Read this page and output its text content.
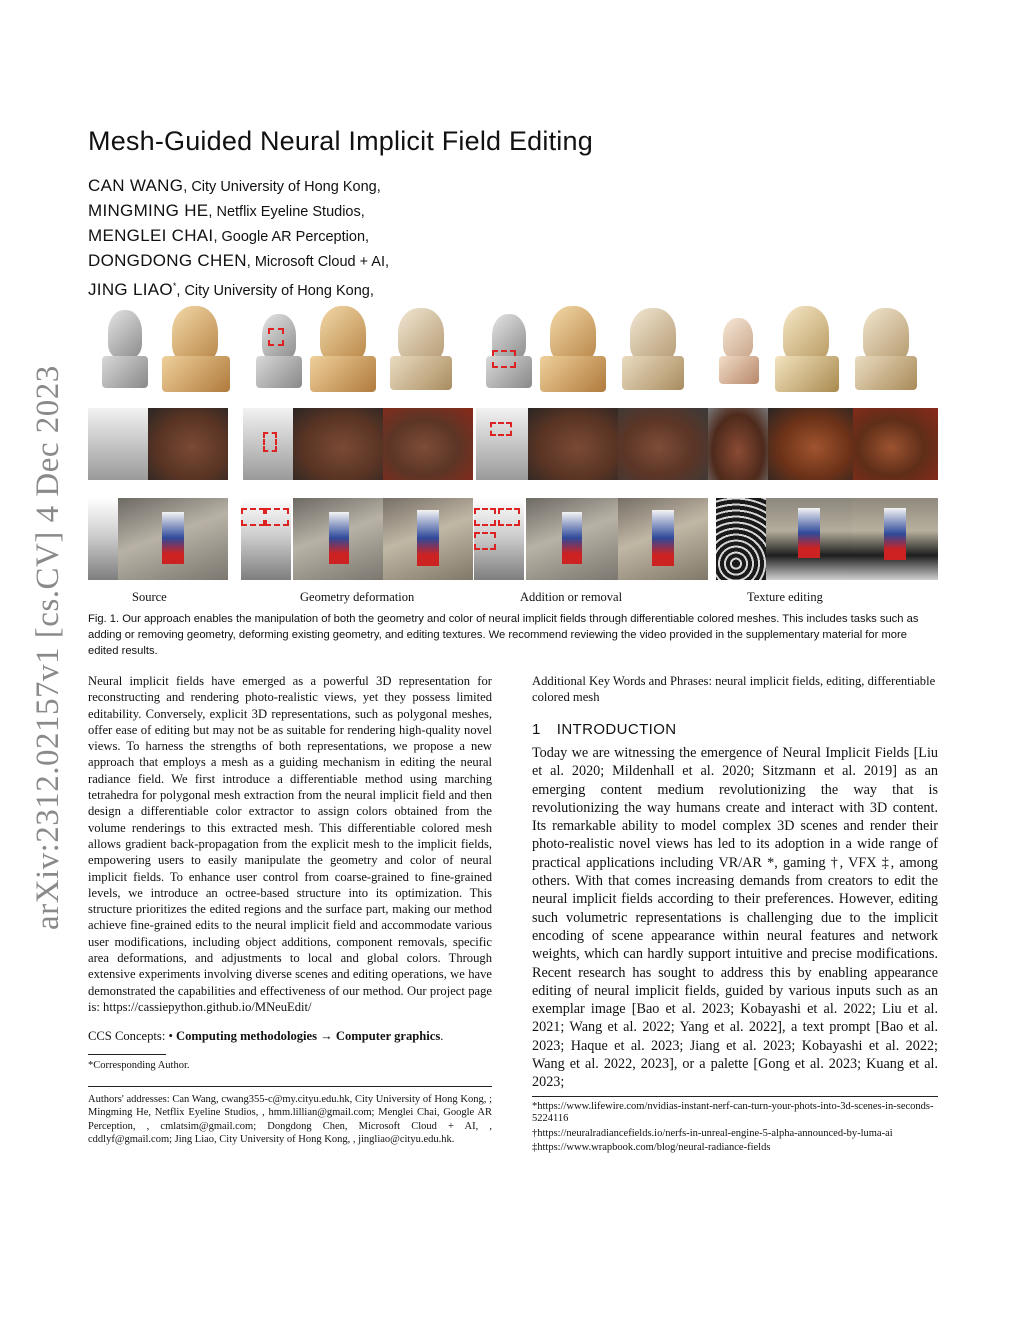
arXiv:2312.02157v1 [cs.CV] 4 Dec 2023
Mesh-Guided Neural Implicit Field Editing
CAN WANG, City University of Hong Kong,
MINGMING HE, Netflix Eyeline Studios,
MENGLEI CHAI, Google AR Perception,
DONGDONG CHEN, Microsoft Cloud + AI,
JING LIAO*, City University of Hong Kong,
Source	Geometry deformation	Addition or removal	Texture editing

Fig. 1. Our approach enables the manipulation of both the geometry and color of neural implicit fields through differentiable colored meshes. This includes tasks such as adding or removing geometry, deforming existing geometry, and editing textures. We recommend reviewing the video provided in the supplementary material for more edited results.

Neural implicit fields have emerged as a powerful 3D representation for reconstructing and rendering photo-realistic views, yet they possess limited editability. Conversely, explicit 3D representations, such as polygonal meshes, offer ease of editing but may not be as suitable for rendering high-quality novel views. To harness the strengths of both representations, we propose a new approach that employs a mesh as a guiding mechanism in editing the neural radiance field. We first introduce a differentiable method using marching tetrahedra for polygonal mesh extraction from the neural implicit field and then design a differentiable color extractor to assign colors obtained from the volume renderings to this extracted mesh. This differentiable colored mesh allows gradient back-propagation from the explicit mesh to the implicit fields, empowering users to easily manipulate the geometry and color of neural implicit fields. To enhance user control from coarse-grained to fine-grained levels, we introduce an octree-based structure into its optimization. This structure prioritizes the edited regions and the surface part, making our method achieve fine-grained edits to the neural implicit field and accommodate various user modifications, including object additions, component removals, specific area deformations, and adjustments to local and global colors. Through extensive experiments involving diverse scenes and editing operations, we have demonstrated the capabilities and effectiveness of our method. Our project page is: https://cassiepython.github.io/MNeuEdit/

CCS Concepts: • Computing methodologies → Computer graphics.

*Corresponding Author.

Authors' addresses: Can Wang, cwang355-c@my.cityu.edu.hk, City University of Hong Kong, ; Mingming He, Netflix Eyeline Studios, , hmm.lillian@gmail.com; Menglei Chai, Google AR Perception, , cmlatsim@gmail.com; Dongdong Chen, Microsoft Cloud + AI, , cddlyf@gmail.com; Jing Liao, City University of Hong Kong, , jingliao@cityu.edu.hk.

Additional Key Words and Phrases: neural implicit fields, editing, differentiable colored mesh

1 INTRODUCTION

Today we are witnessing the emergence of Neural Implicit Fields [Liu et al. 2020; Mildenhall et al. 2020; Sitzmann et al. 2019] as an emerging content medium revolutionizing the way that is revolutionizing the way humans create and interact with 3D content. Its remarkable ability to model complex 3D scenes and render their photo-realistic novel views has led to its adoption in a wide range of practical applications including VR/AR *, gaming †, VFX ‡, among others. With that comes increasing demands from creators to edit the neural implicit fields according to their preferences. However, editing such volumetric representations is challenging due to the implicit encoding of scene appearance within neural features and network weights, which can hardly support intuitive and precise modifications. Recent research has sought to address this by enabling appearance editing of neural implicit fields, guided by various inputs such as an exemplar image [Bao et al. 2023; Kobayashi et al. 2022; Liu et al. 2021; Wang et al. 2022; Yang et al. 2022], a text prompt [Bao et al. 2023; Haque et al. 2023; Jiang et al. 2023; Kobayashi et al. 2022; Wang et al. 2022, 2023], or a palette [Gong et al. 2023; Kuang et al. 2023;

*https://www.lifewire.com/nvidias-instant-nerf-can-turn-your-phots-into-3d-scenes-in-seconds-5224116

†https://neuralradiancefields.io/nerfs-in-unreal-engine-5-alpha-announced-by-luma-ai

‡https://www.wrapbook.com/blog/neural-radiance-fields
